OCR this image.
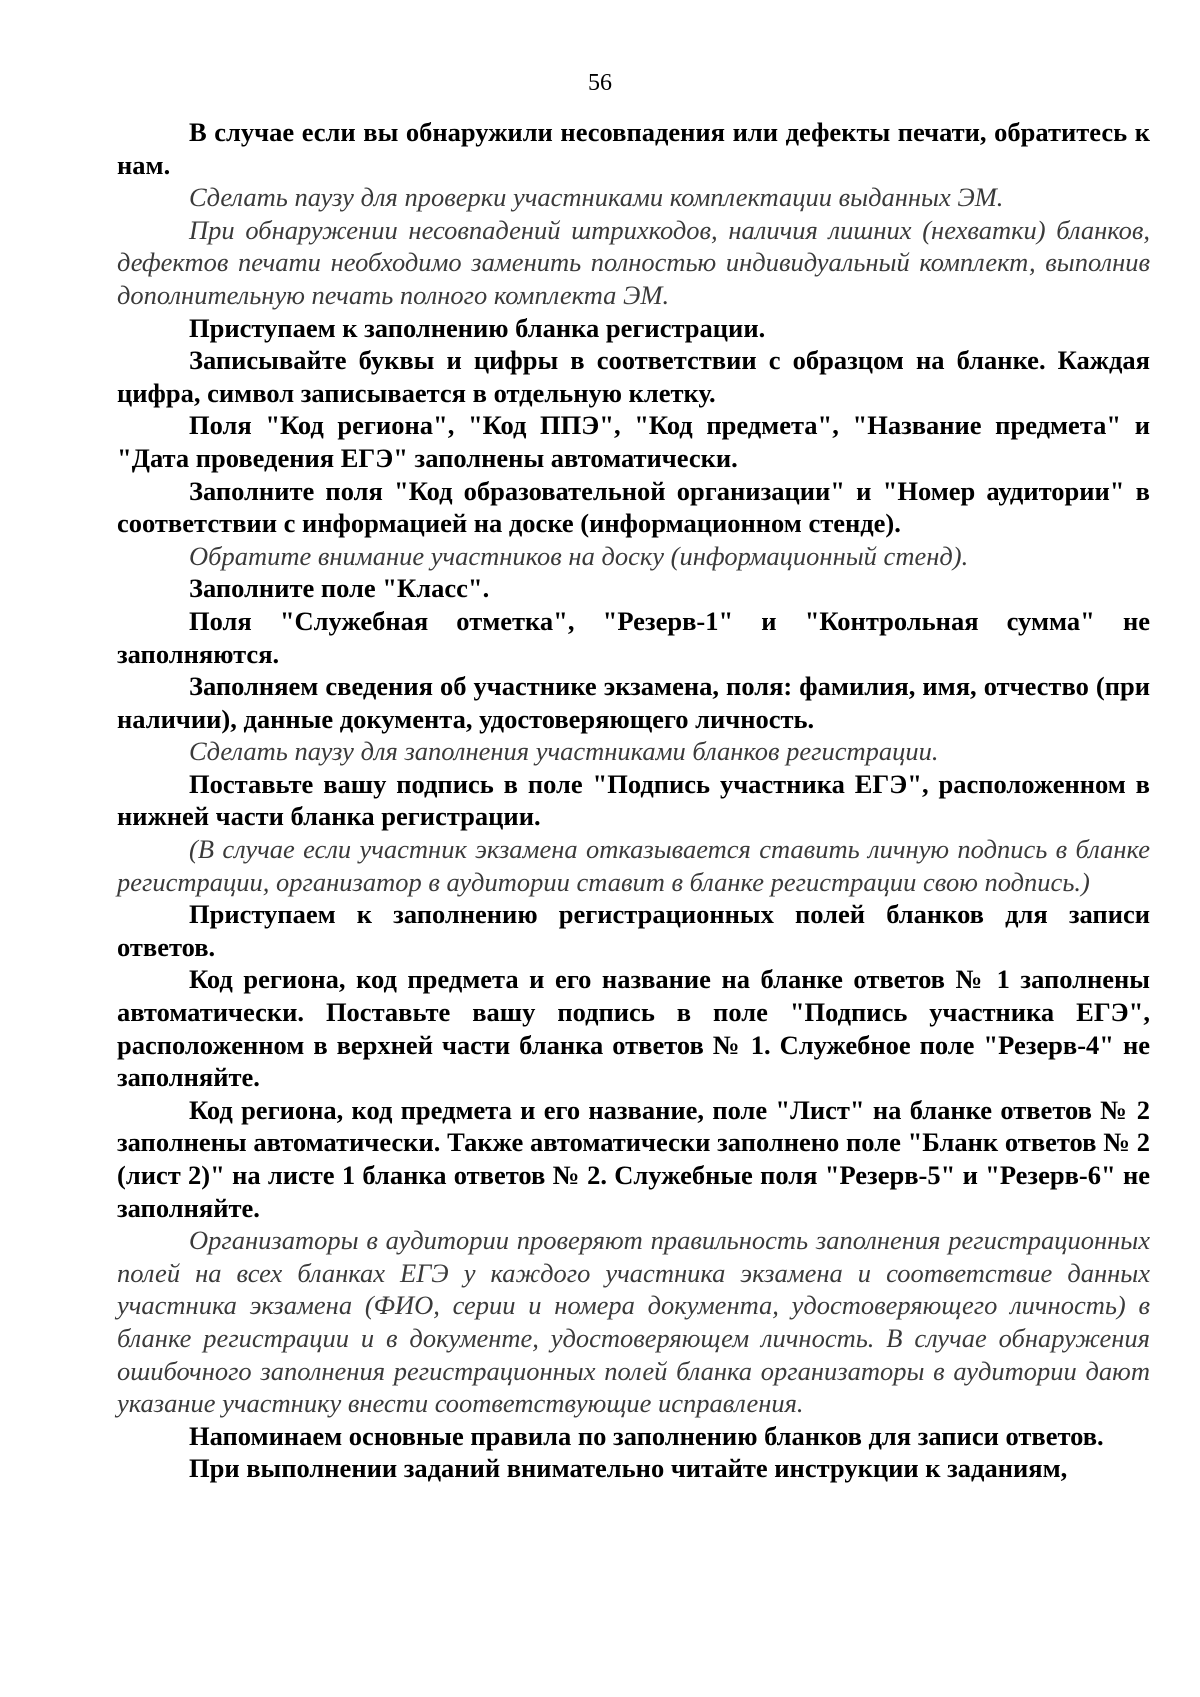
56

В случае если вы обнаружили несовпадения или дефекты печати, обратитесь к нам.

Сделать паузу для проверки участниками комплектации выданных ЭМ.

При обнаружении несовпадений штрихкодов, наличия лишних (нехватки) бланков, дефектов печати необходимо заменить полностью индивидуальный комплект, выполнив дополнительную печать полного комплекта ЭМ.

Приступаем к заполнению бланка регистрации.

Записывайте буквы и цифры в соответствии с образцом на бланке. Каждая цифра, символ записывается в отдельную клетку.

Поля "Код региона", "Код ППЭ", "Код предмета", "Название предмета" и "Дата проведения ЕГЭ" заполнены автоматически.

Заполните поля "Код образовательной организации" и "Номер аудитории" в соответствии с информацией на доске (информационном стенде).

Обратите внимание участников на доску (информационный стенд).

Заполните поле "Класс".

Поля "Служебная отметка", "Резерв-1" и "Контрольная сумма" не заполняются.

Заполняем сведения об участнике экзамена, поля: фамилия, имя, отчество (при наличии), данные документа, удостоверяющего личность.

Сделать паузу для заполнения участниками бланков регистрации.

Поставьте вашу подпись в поле "Подпись участника ЕГЭ", расположенном в нижней части бланка регистрации.

(В случае если участник экзамена отказывается ставить личную подпись в бланке регистрации, организатор в аудитории ставит в бланке регистрации свою подпись.)

Приступаем к заполнению регистрационных полей бланков для записи ответов.

Код региона, код предмета и его название на бланке ответов № 1 заполнены автоматически. Поставьте вашу подпись в поле "Подпись участника ЕГЭ", расположенном в верхней части бланка ответов № 1. Служебное поле "Резерв-4" не заполняйте.

Код региона, код предмета и его название, поле "Лист" на бланке ответов № 2 заполнены автоматически. Также автоматически заполнено поле "Бланк ответов № 2 (лист 2)" на листе 1 бланка ответов № 2. Служебные поля "Резерв-5" и "Резерв-6" не заполняйте.

Организаторы в аудитории проверяют правильность заполнения регистрационных полей на всех бланках ЕГЭ у каждого участника экзамена и соответствие данных участника экзамена (ФИО, серии и номера документа, удостоверяющего личность) в бланке регистрации и в документе, удостоверяющем личность. В случае обнаружения ошибочного заполнения регистрационных полей бланка организаторы в аудитории дают указание участнику внести соответствующие исправления.

Напоминаем основные правила по заполнению бланков для записи ответов.

При выполнении заданий внимательно читайте инструкции к заданиям,
